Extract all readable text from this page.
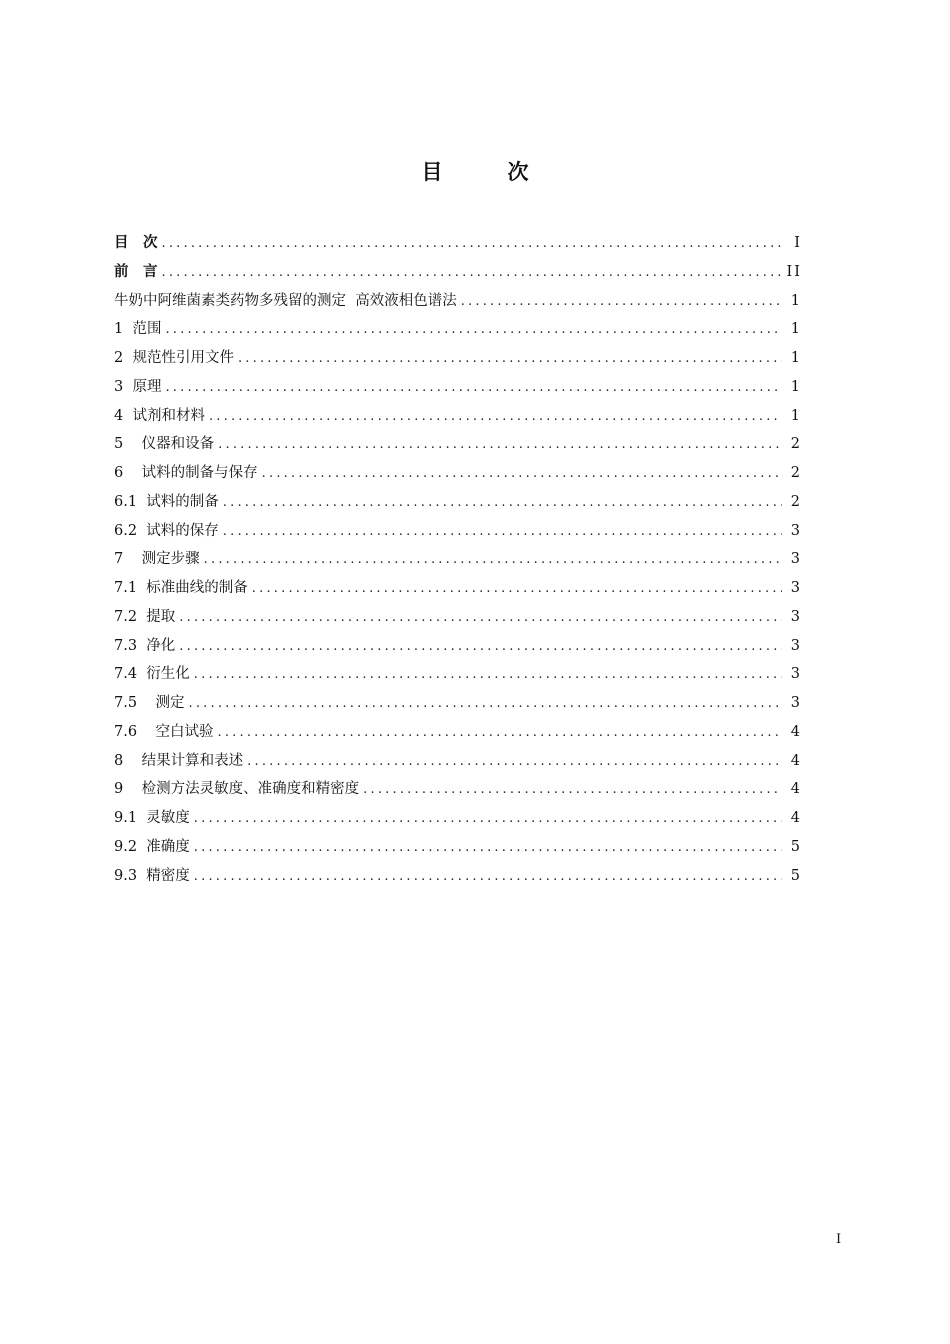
目　次
目　次 .....	I
前　言 .....	II
牛奶中阿维菌素类药物多残留的测定  高效液相色谱法 .....	1
1  范围 .....	1
2  规范性引用文件 .....	1
3  原理 .....	1
4  试剂和材料 .....	1
5    仪器和设备 .....	2
6    试料的制备与保存 .....	2
6.1  试料的制备 .....	2
6.2  试料的保存 .....	3
7    测定步骤 .....	3
7.1  标准曲线的制备 .....	3
7.2  提取 .....	3
7.3  净化 .....	3
7.4  衍生化 .....	3
7.5    测定 .....	3
7.6    空白试验 .....	4
8    结果计算和表述 .....	4
9    检测方法灵敏度、准确度和精密度 .....	4
9.1  灵敏度 .....	4
9.2  准确度 .....	5
9.3  精密度 .....	5
I
